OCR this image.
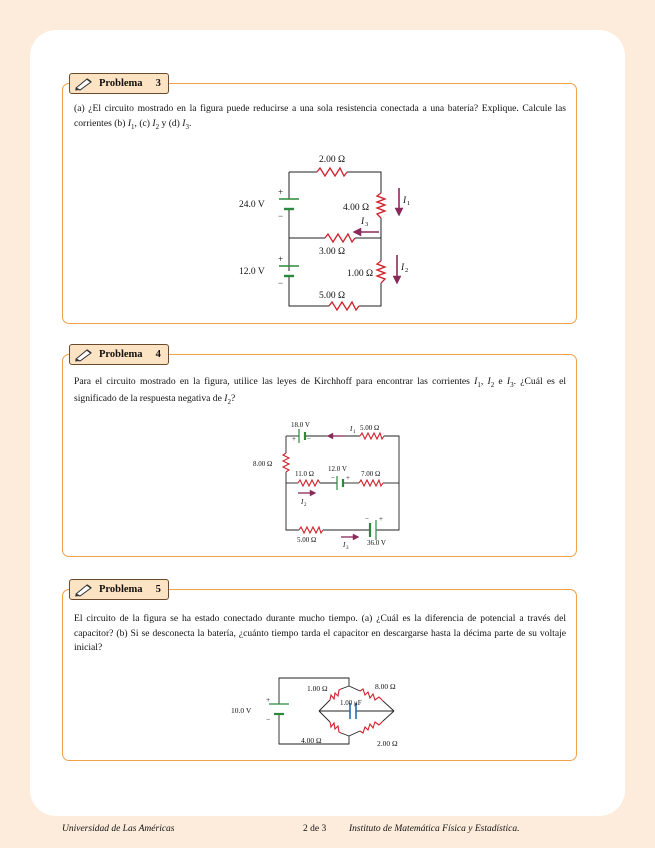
Problema 3

(a) ¿El circuito mostrado en la figura puede reducirse a una sola resistencia conectada a una batería? Explique. Calcule las corrientes (b) $I_1$, (c) $I_2$ y (d) $I_3$.

2.00 Ω
4.00 Ω
3.00 Ω
1.00 Ω
5.00 Ω
24.0 V
12.0 V
+
−
+
−
I 1
I 2
I 3
Problema 4

Para el circuito mostrado en la figura, utilice las leyes de Kirchhoff para encontrar las corrientes $I_1$, $I_2$ e $I_3$. ¿Cuál es el significado de la respuesta negativa de $I_2$?

18.0 V
+ −
5.00 Ω
8.00 Ω
11.0 Ω
12.0 V
− + 7.00 Ω
5.00 Ω	36.0 V
− +
I 1
I 2
I 3
Problema 5

El circuito de la figura se ha estado conectado durante mucho tiempo. (a) ¿Cuál es la diferencia de potencial a través del capacitor? (b) Si se desconecta la batería, ¿cuánto tiempo tarda el capacitor en descargarse hasta la décima parte de su voltaje inicial?

10.0 V
+
−
1.00 Ω	8.00 Ω
1.00 μF
4.00 Ω	2.00 Ω
Universidad de Las Américas	2 de 3 Instituto de Matemática Física y Estadística.
